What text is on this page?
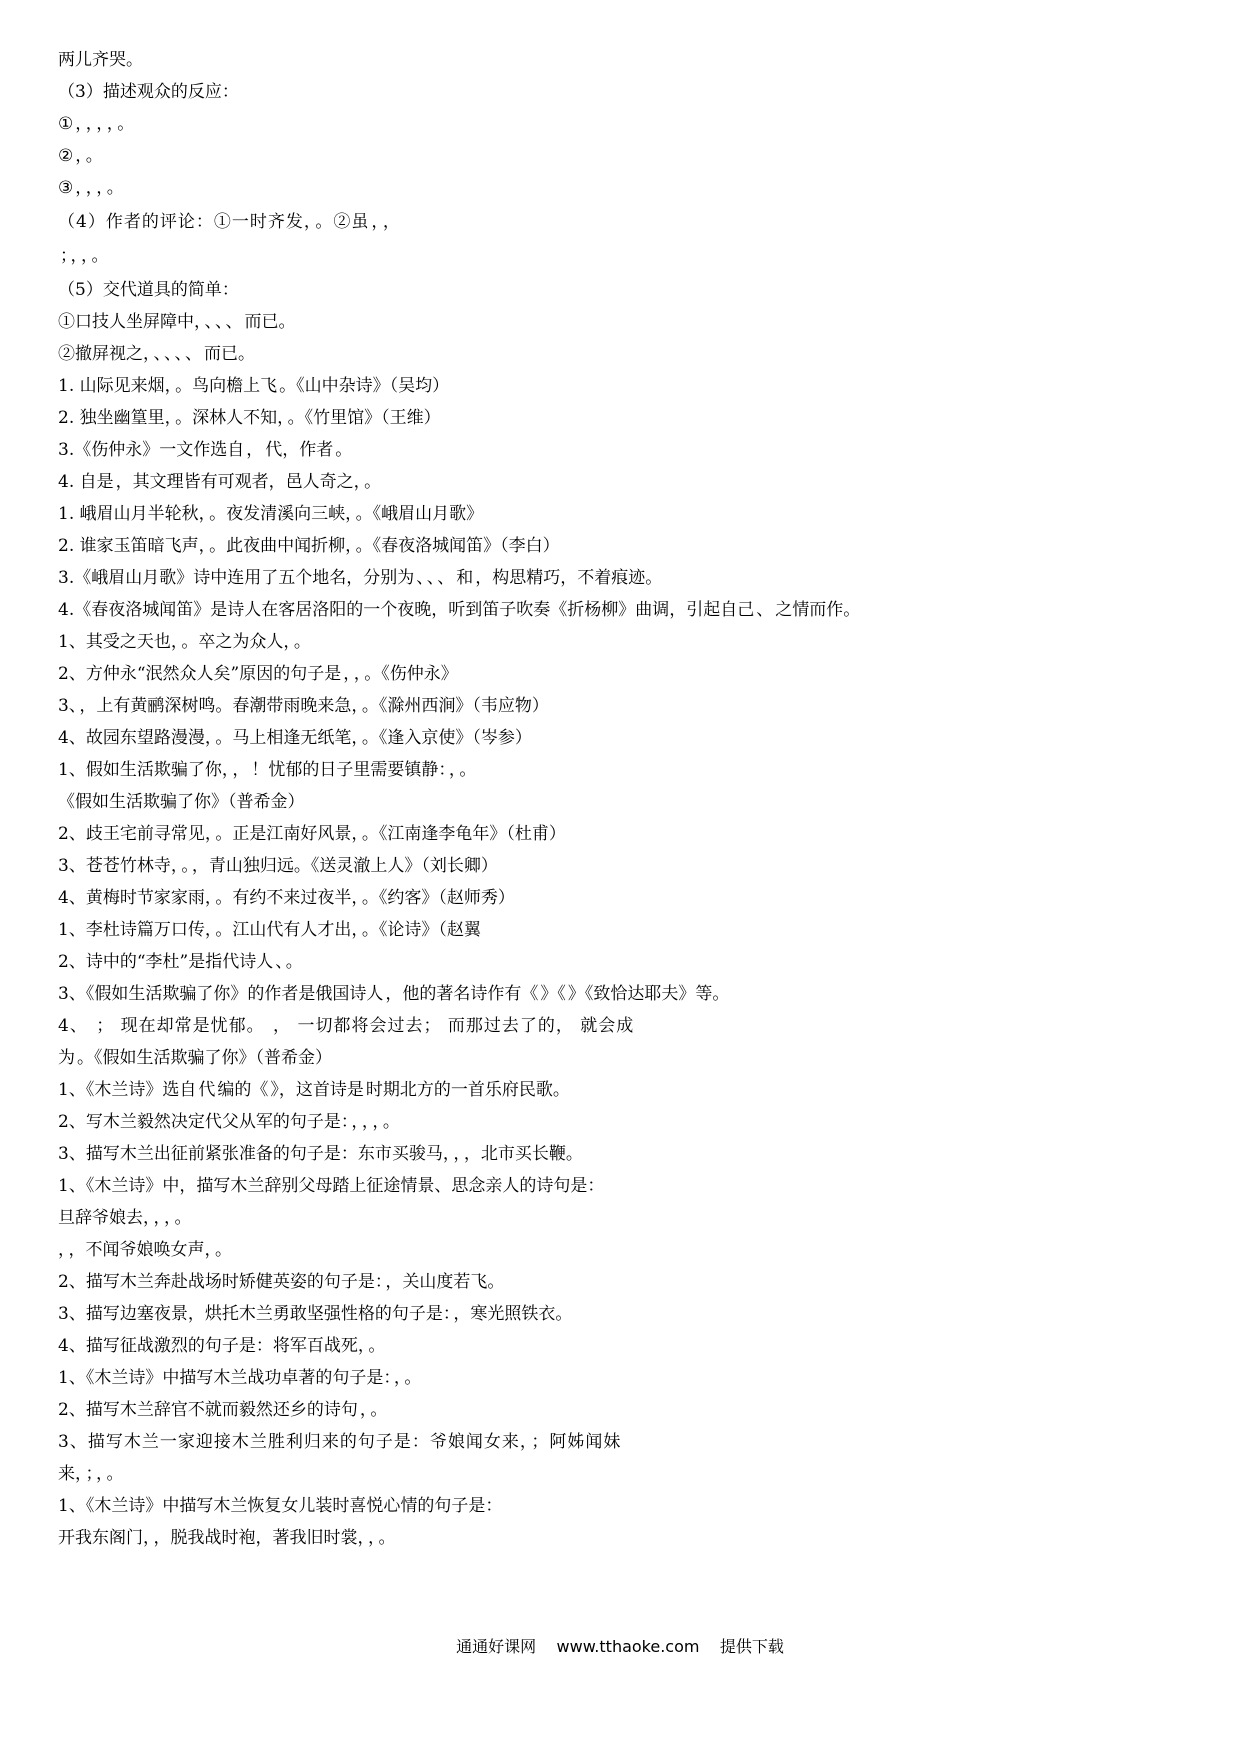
两儿齐哭。
（3）描述观众的反应：
① ， ， ， ， 。
② ， 。
③ ， ， ， 。
（4）作者的评论：①一时齐发， 。②虽 ， ，
； ， ， 。
（5）交代道具的简单：
①口技人坐屏障中， 、 、 、 而已。
②撤屏视之， 、 、 、 、 而已。
1. 山际见来烟， 。鸟向檐上飞 。《山中杂诗》（吴均）
2. 独坐幽篁里， 。深林人不知， 。《竹里馆》（王维）
3.《伤仲永》一文作选自 ， 代，作者 。
4. 自是 ，其文理皆有可观者，邑人奇之， 。
1. 峨眉山月半轮秋， 。夜发清溪向三峡， 。《峨眉山月歌》
2. 谁家玉笛暗飞声， 。此夜曲中闻折柳， 。《春夜洛城闻笛》（李白）
3.《峨眉山月歌》诗中连用了五个地名，分别为 、 、 、 和 ，构思精巧，不着痕迹。
4.《春夜洛城闻笛》是诗人在客居洛阳的一个夜晚，听到笛子吹奏《折杨柳》曲调，引起自己 、 之情而作。
1、其受之天也， 。卒之为众人， 。
2、方仲永“泯然众人矣”原因的句子是 ， ， 。《伤仲永》
3、 ，上有黄鹂深树鸣。春潮带雨晚来急， 。《滁州西涧》（韦应物）
4、故园东望路漫漫， 。马上相逢无纸笔， 。《逢入京使》（岑参）
1、假如生活欺骗了你， ， ！忧郁的日子里需要镇静： ， 。
《假如生活欺骗了你》（普希金）
2、歧王宅前寻常见， 。正是江南好风景， 。《江南逢李龟年》（杜甫）
3、苍苍竹林寺， 。 ，青山独归远。《送灵澈上人》（刘长卿）
4、黄梅时节家家雨， 。有约不来过夜半， 。《约客》（赵师秀）
1、李杜诗篇万口传， 。江山代有人才出， 。《论诗》（赵翼
2、诗中的“李杜”是指代诗人 、 。
3、《假如生活欺骗了你》的作者是俄国诗人 ，他的著名诗作有《 》《 》《致恰达耶夫》等。
4、 ； 现在却常是忧郁。 ， 一切都将会过去； 而那过去了的， 就会成
为 。《假如生活欺骗了你》（普希金）
1、《木兰诗》选自 代 编的《 》，这首诗是 时期北方的一首乐府民歌。
2、写木兰毅然决定代父从军的句子是： ， ， ， 。
3、描写木兰出征前紧张准备的句子是：东市买骏马， ， ，北市买长鞭。
1、《木兰诗》中，描写木兰辞别父母踏上征途情景、思念亲人的诗句是：
旦辞爷娘去， ， ， 。
， ，不闻爷娘唤女声， 。
2、描写木兰奔赴战场时矫健英姿的句子是： ，关山度若飞。
3、描写边塞夜景，烘托木兰勇敢坚强性格的句子是： ，寒光照铁衣。
4、描写征战激烈的句子是：将军百战死， 。
1、《木兰诗》中描写木兰战功卓著的句子是： ， 。
2、描写木兰辞官不就而毅然还乡的诗句 ， 。
3、描写木兰一家迎接木兰胜利归来的句子是：爷娘闻女来， ；阿姊闻妹
来， ； ， 。
1、《木兰诗》中描写木兰恢复女儿装时喜悦心情的句子是：
开我东阁门， ，脱我战时袍，著我旧时裳， ， 。
通通好课网 www.tthaoke.com 提供下载
